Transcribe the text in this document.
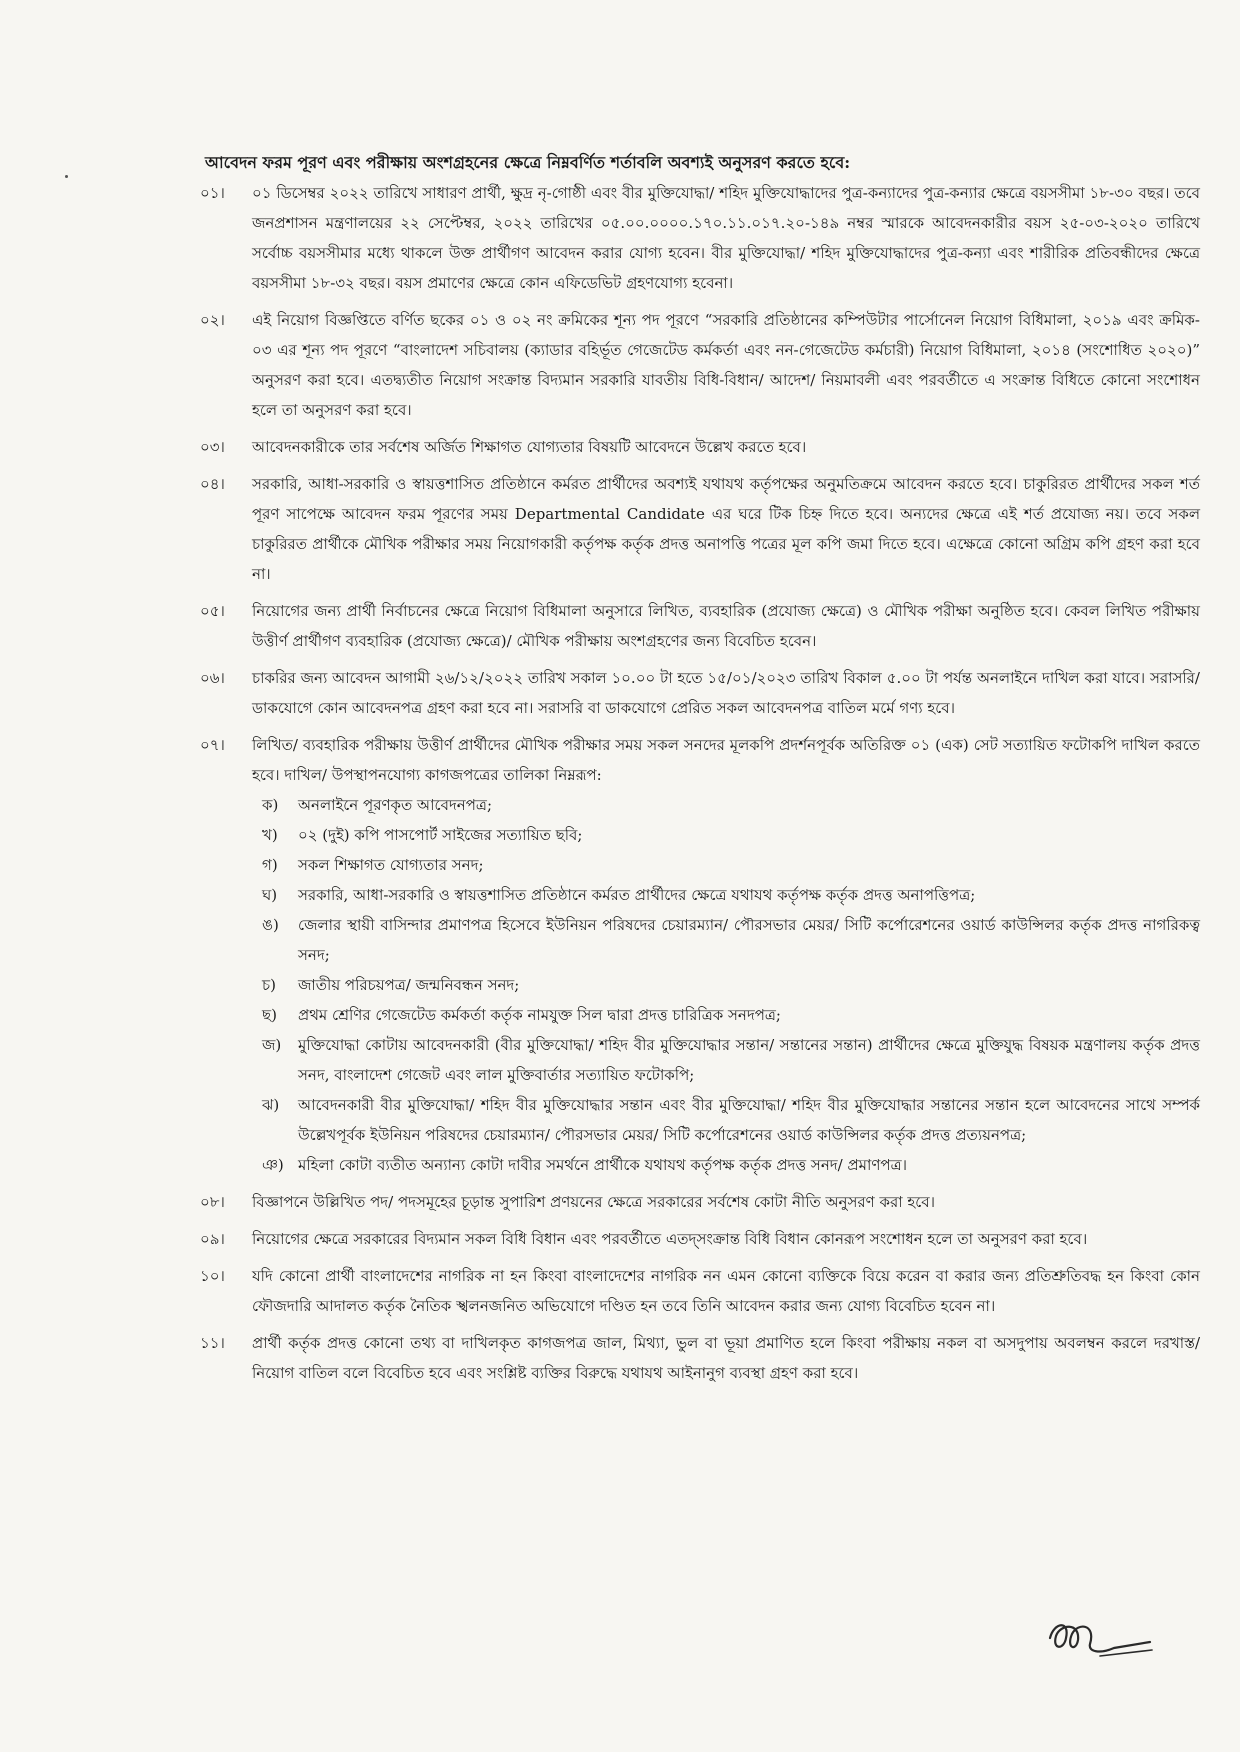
আবেদন ফরম পূরণ এবং পরীক্ষায় অংশগ্রহনের ক্ষেত্রে নিম্নবর্ণিত শর্তাবলি অবশ্যই অনুসরণ করতে হবে:
০১।	০১ ডিসেম্বর ২০২২ তারিখে সাধারণ প্রার্থী, ক্ষুদ্র নৃ-গোষ্ঠী এবং বীর মুক্তিযোদ্ধা/ শহিদ মুক্তিযোদ্ধাদের পুত্র-কন্যাদের পুত্র-কন্যার ক্ষেত্রে বয়সসীমা ১৮-৩০ বছর। তবে জনপ্রশাসন মন্ত্রণালয়ের ২২ সেপ্টেম্বর, ২০২২ তারিখের ০৫.০০.০০০০.১৭০.১১.০১৭.২০-১৪৯ নম্বর স্মারকে আবেদনকারীর বয়স ২৫-০৩-২০২০ তারিখে সর্বোচ্চ বয়সসীমার মধ্যে থাকলে উক্ত প্রার্থীগণ আবেদন করার যোগ্য হবেন। বীর মুক্তিযোদ্ধা/ শহিদ মুক্তিযোদ্ধাদের পুত্র-কন্যা এবং শারীরিক প্রতিবন্ধীদের ক্ষেত্রে বয়সসীমা ১৮-৩২ বছর। বয়স প্রমাণের ক্ষেত্রে কোন এফিডেভিট গ্রহণযোগ্য হবেনা।
০২।	এই নিয়োগ বিজ্ঞপ্তিতে বর্ণিত ছকের ০১ ও ০২ নং ক্রমিকের শূন্য পদ পূরণে “সরকারি প্রতিষ্ঠানের কম্পিউটার পার্সোনেল নিয়োগ বিধিমালা, ২০১৯ এবং ক্রমিক- ০৩ এর শূন্য পদ পূরণে “বাংলাদেশ সচিবালয় (ক্যাডার বহির্ভূত গেজেটেড কর্মকর্তা এবং নন-গেজেটেড কর্মচারী) নিয়োগ বিধিমালা, ২০১৪ (সংশোধিত ২০২০)” অনুসরণ করা হবে। এতদ্ব্যতীত নিয়োগ সংক্রান্ত বিদ্যমান সরকারি যাবতীয় বিধি-বিধান/ আদেশ/ নিয়মাবলী এবং পরবর্তীতে এ সংক্রান্ত বিধিতে কোনো সংশোধন হলে তা অনুসরণ করা হবে।
০৩।	আবেদনকারীকে তার সর্বশেষ অর্জিত শিক্ষাগত যোগ্যতার বিষয়টি আবেদনে উল্লেখ করতে হবে।
০৪।	সরকারি, আধা-সরকারি ও স্বায়ত্তশাসিত প্রতিষ্ঠানে কর্মরত প্রার্থীদের অবশ্যই যথাযথ কর্তৃপক্ষের অনুমতিক্রমে আবেদন করতে হবে। চাকুরিরত প্রার্থীদের সকল শর্ত পূরণ সাপেক্ষে আবেদন ফরম পূরণের সময় Departmental Candidate এর ঘরে টিক চিহ্ন দিতে হবে। অন্যদের ক্ষেত্রে এই শর্ত প্রযোজ্য নয়। তবে সকল চাকুরিরত প্রার্থীকে মৌখিক পরীক্ষার সময় নিয়োগকারী কর্তৃপক্ষ কর্তৃক প্রদত্ত অনাপত্তি পত্রের মূল কপি জমা দিতে হবে। এক্ষেত্রে কোনো অগ্রিম কপি গ্রহণ করা হবে না।
০৫।	নিয়োগের জন্য প্রার্থী নির্বাচনের ক্ষেত্রে নিয়োগ বিধিমালা অনুসারে লিখিত, ব্যবহারিক (প্রযোজ্য ক্ষেত্রে) ও মৌখিক পরীক্ষা অনুষ্ঠিত হবে। কেবল লিখিত পরীক্ষায় উত্তীর্ণ প্রার্থীগণ ব্যবহারিক (প্রযোজ্য ক্ষেত্রে)/ মৌখিক পরীক্ষায় অংশগ্রহণের জন্য বিবেচিত হবেন।
০৬।	চাকরির জন্য আবেদন আগামী ২৬/১২/২০২২ তারিখ সকাল ১০.০০ টা হতে ১৫/০১/২০২৩ তারিখ বিকাল ৫.০০ টা পর্যন্ত অনলাইনে দাখিল করা যাবে। সরাসরি/ ডাকযোগে কোন আবেদনপত্র গ্রহণ করা হবে না। সরাসরি বা ডাকযোগে প্রেরিত সকল আবেদনপত্র বাতিল মর্মে গণ্য হবে।
০৭।	লিখিত/ ব্যবহারিক পরীক্ষায় উত্তীর্ণ প্রার্থীদের মৌখিক পরীক্ষার সময় সকল সনদের মূলকপি প্রদর্শনপূর্বক অতিরিক্ত ০১ (এক) সেট সত্যায়িত ফটোকপি দাখিল করতে হবে। দাখিল/ উপস্থাপনযোগ্য কাগজপত্রের তালিকা নিম্নরূপ:
ক)	অনলাইনে পূরণকৃত আবেদনপত্র;
খ)	০২ (দুই) কপি পাসপোর্ট সাইজের সত্যায়িত ছবি;
গ)	সকল শিক্ষাগত যোগ্যতার সনদ;
ঘ)	সরকারি, আধা-সরকারি ও স্বায়ত্তশাসিত প্রতিষ্ঠানে কর্মরত প্রার্থীদের ক্ষেত্রে যথাযথ কর্তৃপক্ষ কর্তৃক প্রদত্ত অনাপত্তিপত্র;
ঙ)	জেলার স্থায়ী বাসিন্দার প্রমাণপত্র হিসেবে ইউনিয়ন পরিষদের চেয়ারম্যান/ পৌরসভার মেয়র/ সিটি কর্পোরেশনের ওয়ার্ড কাউন্সিলর কর্তৃক প্রদত্ত নাগরিকত্ব সনদ;
চ)	জাতীয় পরিচয়পত্র/ জন্মনিবন্ধন সনদ;
ছ)	প্রথম শ্রেণির গেজেটেড কর্মকর্তা কর্তৃক নামযুক্ত সিল দ্বারা প্রদত্ত চারিত্রিক সনদপত্র;
জ)	মুক্তিযোদ্ধা কোটায় আবেদনকারী (বীর মুক্তিযোদ্ধা/ শহিদ বীর মুক্তিযোদ্ধার সন্তান/ সন্তানের সন্তান) প্রার্থীদের ক্ষেত্রে মুক্তিযুদ্ধ বিষয়ক মন্ত্রণালয় কর্তৃক প্রদত্ত সনদ, বাংলাদেশ গেজেট এবং লাল মুক্তিবার্তার সত্যায়িত ফটোকপি;
ঝ)	আবেদনকারী বীর মুক্তিযোদ্ধা/ শহিদ বীর মুক্তিযোদ্ধার সন্তান এবং বীর মুক্তিযোদ্ধা/ শহিদ বীর মুক্তিযোদ্ধার সন্তানের সন্তান হলে আবেদনের সাথে সম্পর্ক উল্লেখপূর্বক ইউনিয়ন পরিষদের চেয়ারম্যান/ পৌরসভার মেয়র/ সিটি কর্পোরেশনের ওয়ার্ড কাউন্সিলর কর্তৃক প্রদত্ত প্রত্যয়নপত্র;
ঞ) মহিলা কোটা ব্যতীত অন্যান্য কোটা দাবীর সমর্থনে প্রার্থীকে যথাযথ কর্তৃপক্ষ কর্তৃক প্রদত্ত সনদ/ প্রমাণপত্র।
০৮।	বিজ্ঞাপনে উল্লিখিত পদ/ পদসমূহের চূড়ান্ত সুপারিশ প্রণয়নের ক্ষেত্রে সরকারের সর্বশেষ কোটা নীতি অনুসরণ করা হবে।
০৯।	নিয়োগের ক্ষেত্রে সরকারের বিদ্যমান সকল বিধি বিধান এবং পরবর্তীতে এতদ্সংক্রান্ত বিধি বিধান কোনরূপ সংশোধন হলে তা অনুসরণ করা হবে।
১০।	যদি কোনো প্রার্থী বাংলাদেশের নাগরিক না হন কিংবা বাংলাদেশের নাগরিক নন এমন কোনো ব্যক্তিকে বিয়ে করেন বা করার জন্য প্রতিশ্রুতিবদ্ধ হন কিংবা কোন ফৌজদারি আদালত কর্তৃক নৈতিক স্খলনজনিত অভিযোগে দণ্ডিত হন তবে তিনি আবেদন করার জন্য যোগ্য বিবেচিত হবেন না।
১১।	প্রার্থী কর্তৃক প্রদত্ত কোনো তথ্য বা দাখিলকৃত কাগজপত্র জাল, মিথ্যা, ভুল বা ভূয়া প্রমাণিত হলে কিংবা পরীক্ষায় নকল বা অসদুপায় অবলম্বন করলে দরখাস্ত/ নিয়োগ বাতিল বলে বিবেচিত হবে এবং সংশ্লিষ্ট ব্যক্তির বিরুদ্ধে যথাযথ আইনানুগ ব্যবস্থা গ্রহণ করা হবে।
